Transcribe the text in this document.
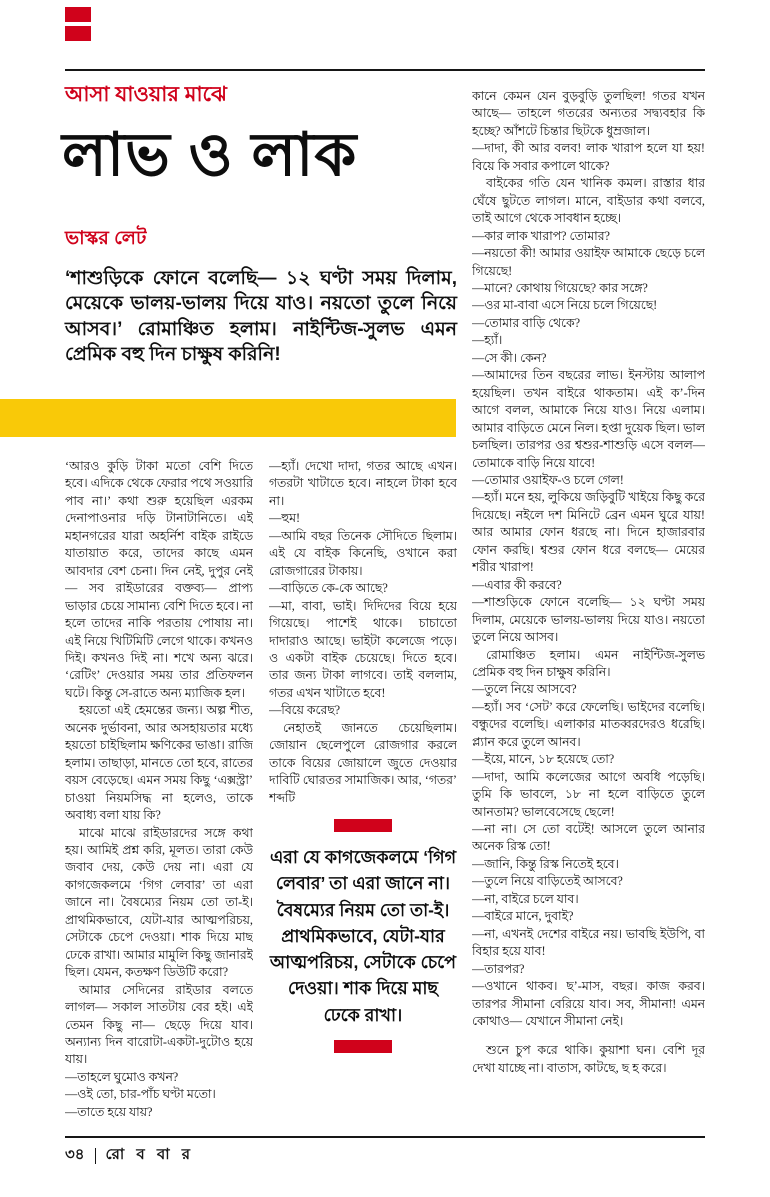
আসা যাওয়ার মাঝে
লাভ ও লাক
ভাস্কর লেট
‘শাশুড়িকে ফোনে বলেছি— ১২ ঘণ্টা সময় দিলাম, মেয়েকে ভালয়-ভালয় দিয়ে যাও। নয়তো তুলে নিয়ে আসব।’ রোমাঞ্চিত হলাম। নাইন্টিজ-সুলভ এমন প্রেমিক বহু দিন চাক্ষুষ করিনি!

‘আরও কুড়ি টাকা মতো বেশি দিতে হবে। এদিকে থেকে ফেরার পথে সওয়ারি পাব না।’ কথা শুরু হয়েছিল এরকম দেনাপাওনার দড়ি টানাটানিতে। এই মহানগরের যারা অহর্নিশ বাইক রাইডে যাতায়াত করে, তাদের কাছে এমন আবদার বেশ চেনা। দিন নেই, দুপুর নেই— সব রাইডারের বক্তব্য— প্রাপ্য ভাড়ার চেয়ে সামান্য বেশি দিতে হবে। না হলে তাদের নাকি পরতায় পোষায় না। এই নিয়ে খিটিমিটি লেগে থাকে। কখনও দিই। কখনও দিই না। শখে অন্য ঝরে। ‘রেটিং’ দেওয়ার সময় তার প্রতিফলন ঘটে। কিন্তু সে-রাতে অন্য ম্যাজিক হল।

হয়তো এই হেমন্তের জন্য। অল্প শীত, অনেক দুর্ভাবনা, আর অসহায়তার মধ্যে হয়তো চাইছিলাম ক্ষণিকের ভাঙা। রাজি হলাম। তাছাড়া, মানতে তো হবে, রাতের বয়স বেড়েছে। এমন সময় কিছু ‘এক্সস্ট্রা’ চাওয়া নিয়মসিদ্ধ না হলেও, তাকে অবাধ্য বলা যায় কি?

মাঝে মাঝে রাইডারদের সঙ্গে কথা হয়। আমিই প্রশ্ন করি, মূলত। তারা কেউ জবাব দেয়, কেউ দেয় না। এরা যে কাগজেকলমে ‘গিগ লেবার’ তা এরা জানে না। বৈষম্যের নিয়ম তো তা-ই। প্রাথমিকভাবে, যেটা-যার আত্মপরিচয়, সেটাকে চেপে দেওয়া। শাক দিয়ে মাছ ঢেকে রাখা। আমার মামুলি কিছু জানারই ছিল। যেমন, কতক্ষণ ডিউটি করো?

আমার সেদিনের রাইডার বলতে লাগল— সকাল সাতটায় বের হই। এই তেমন কিছু না— ছেড়ে দিয়ে যাব। অন্যান্য দিন বারোটা-একটা-দুটোও হয়ে যায়।

—তাহলে ঘুমোও কখন?

—ওই তো, চার-পাঁচ ঘণ্টা মতো।

—তাতে হয়ে যায়?

—হ্যাঁ। দেখো দাদা, গতর আছে এখন। গতরটা খাটাতে হবে। নাহলে টাকা হবে না।

—হুম!

—আমি বছর তিনেক সৌদিতে ছিলাম। এই যে বাইক কিনেছি, ওখানে করা রোজগারের টাকায়।

—বাড়িতে কে-কে আছে?

—মা, বাবা, ভাই। দিদিদের বিয়ে হয়ে গিয়েছে। পাশেই থাকে। চাচাতো দাদারাও আছে। ভাইটা কলেজে পড়ে। ও একটা বাইক চেয়েছে। দিতে হবে। তার জন্য টাকা লাগবে। তাই বললাম, গতর এখন খাটাতে হবে!

—বিয়ে করেছ?

নেহাতই জানতে চেয়েছিলাম। জোয়ান ছেলেপুলে রোজগার করলে তাকে বিয়ের জোয়ালে জুতে দেওয়ার দাবিটি ঘোরতর সামাজিক। আর, ‘গতর’ শব্দটি

এরা যে কাগজেকলমে ‘গিগ লেবার’ তা এরা জানে না। বৈষম্যের নিয়ম তো তা-ই। প্রাথমিকভাবে, যেটা-যার আত্মপরিচয়, সেটাকে চেপে দেওয়া। শাক দিয়ে মাছ ঢেকে রাখা।

কানে কেমন যেন বুড়বুড়ি তুলছিল! গতর যখন আছে— তাহলে গতরের অন্যতর সদ্ব্যবহার কি হচ্ছে? আঁশটে চিন্তার ছিটকে ধুম্রজাল।

—দাদা, কী আর বলব! লাক খারাপ হলে যা হয়! বিয়ে কি সবার কপালে থাকে?

বাইকের গতি যেন খানিক কমল। রাস্তার ধার ঘেঁষে ছুটতে লাগল। মানে, বাইডার কথা বলবে, তাই আগে থেকে সাবধান হচ্ছে।

—কার লাক খারাপ? তোমার?

—নয়তো কী! আমার ওয়াইফ আমাকে ছেড়ে চলে গিয়েছে!

—মানে? কোথায় গিয়েছে? কার সঙ্গে?

—ওর মা-বাবা এসে নিয়ে চলে গিয়েছে!

—তোমার বাড়ি থেকে?

—হ্যাঁ।

—সে কী। কেন?

—আমাদের তিন বছরের লাভ। ইনস্টায় আলাপ হয়েছিল। তখন বাইরে থাকতাম। এই ক’-দিন আগে বলল, আমাকে নিয়ে যাও। নিয়ে এলাম। আমার বাড়িতে মেনে নিল। হপ্তা দুয়েক ছিল। ভাল চলছিল। তারপর ওর শ্বশুর-শাশুড়ি এসে বলল— তোমাকে বাড়ি নিয়ে যাবে!

—তোমার ওয়াইফ-ও চলে গেল!

—হ্যাঁ। মনে হয়, লুকিয়ে জড়িবুটি খাইয়ে কিছু করে দিয়েছে। নইলে দশ মিনিটে ব্রেন এমন ঘুরে যায়! আর আমার ফোন ধরছে না। দিনে হাজারবার ফোন করছি। শ্বশুর ফোন ধরে বলছে— মেয়ের শরীর খারাপ!

—এবার কী করবে?

—শাশুড়িকে ফোনে বলেছি— ১২ ঘণ্টা সময় দিলাম, মেয়েকে ভালয়-ভালয় দিয়ে যাও। নয়তো তুলে নিয়ে আসব।

রোমাঞ্চিত হলাম। এমন নাইন্টিজ-সুলভ প্রেমিক বহু দিন চাক্ষুষ করিনি।

—তুলে নিয়ে আসবে?

—হ্যাঁ। সব ‘সেট’ করে ফেলেছি। ভাইদের বলেছি। বন্ধুদের বলেছি। এলাকার মাতব্বরদেরও ধরেছি। প্ল্যান করে তুলে আনব।

—ইয়ে, মানে, ১৮ হয়েছে তো?

—দাদা, আমি কলেজের আগে অবধি পড়েছি। তুমি কি ভাবলে, ১৮ না হলে বাড়িতে তুলে আনতাম? ভালবেসেছে ছেলে!

—না না। সে তো বটেই! আসলে তুলে আনার অনেক রিস্ক তো!

—জানি, কিন্তু রিস্ক নিতেই হবে।

—তুলে নিয়ে বাড়িতেই আসবে?

—না, বাইরে চলে যাব।

—বাইরে মানে, দুবাই?

—না, এখনই দেশের বাইরে নয়। ভাবছি ইউপি, বা বিহার হয়ে যাব!

—তারপর?

—ওখানে থাকব। ছ’-মাস, বছর। কাজ করব। তারপর সীমানা বেরিয়ে যাব। সব, সীমানা! এমন কোথাও— যেখানে সীমানা নেই।

শুনে চুপ করে থাকি। কুয়াশা ঘন। বেশি দূর দেখা যাচ্ছে না। বাতাস, কাটছে, ছ হ করে।

৩৪ রো ব বা র
